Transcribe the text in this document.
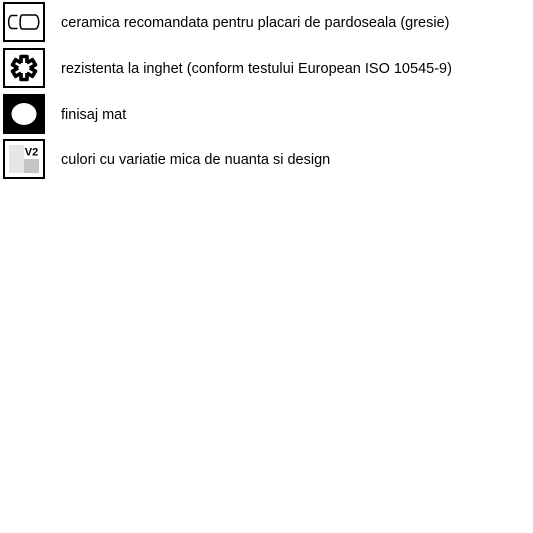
ceramica recomandata pentru placari de pardoseala (gresie)
rezistenta la inghet (conform testului European ISO 10545-9)
finisaj mat
V2 culori cu variatie mica de nuanta si design
